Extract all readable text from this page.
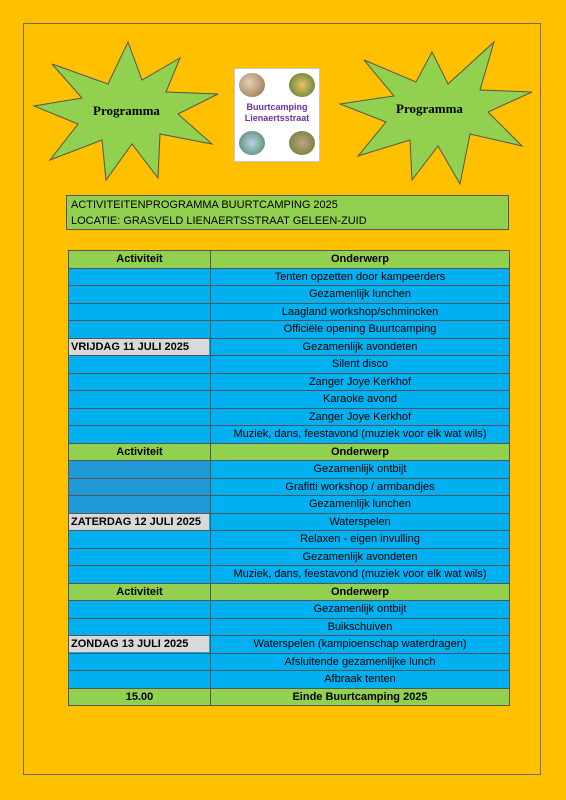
Programma	Programma
Buurtcamping
Lienaertsstraat
ACTIVITEITENPROGRAMMA BUURTCAMPING 2025
LOCATIE: GRASVELD LIENAERTSSTRAAT GELEEN-ZUID
Activiteit	Onderwerp
	Tenten opzetten door kampeerders
	Gezamenlijk lunchen
	Laagland workshop/schmincken
	Officiële opening Buurtcamping

VRIJDAG 11 JULI 2025	Gezamenlijk avondeten
	Silent disco
	Zanger Joye Kerkhof
	Karaoke avond
	Zanger Joye Kerkhof
	Muziek, dans, feestavond (muziek voor elk wat wils)
Activiteit	Onderwerp
	Gezamenlijk ontbijt
	Grafitti workshop / armbandjes
	Gezamenlijk lunchen

ZATERDAG 12 JULI 2025	Waterspelen
	Relaxen - eigen invulling
	Gezamenlijk avondeten
	Muziek, dans, feestavond (muziek voor elk wat wils)
Activiteit	Onderwerp
	Gezamenlijk ontbijt
	Buikschuiven

ZONDAG 13 JULI 2025	Waterspelen (kampioenschap waterdragen)
	Afsluitende gezamenlijke lunch
	Afbraak tenten
15.00	Einde Buurtcamping 2025
